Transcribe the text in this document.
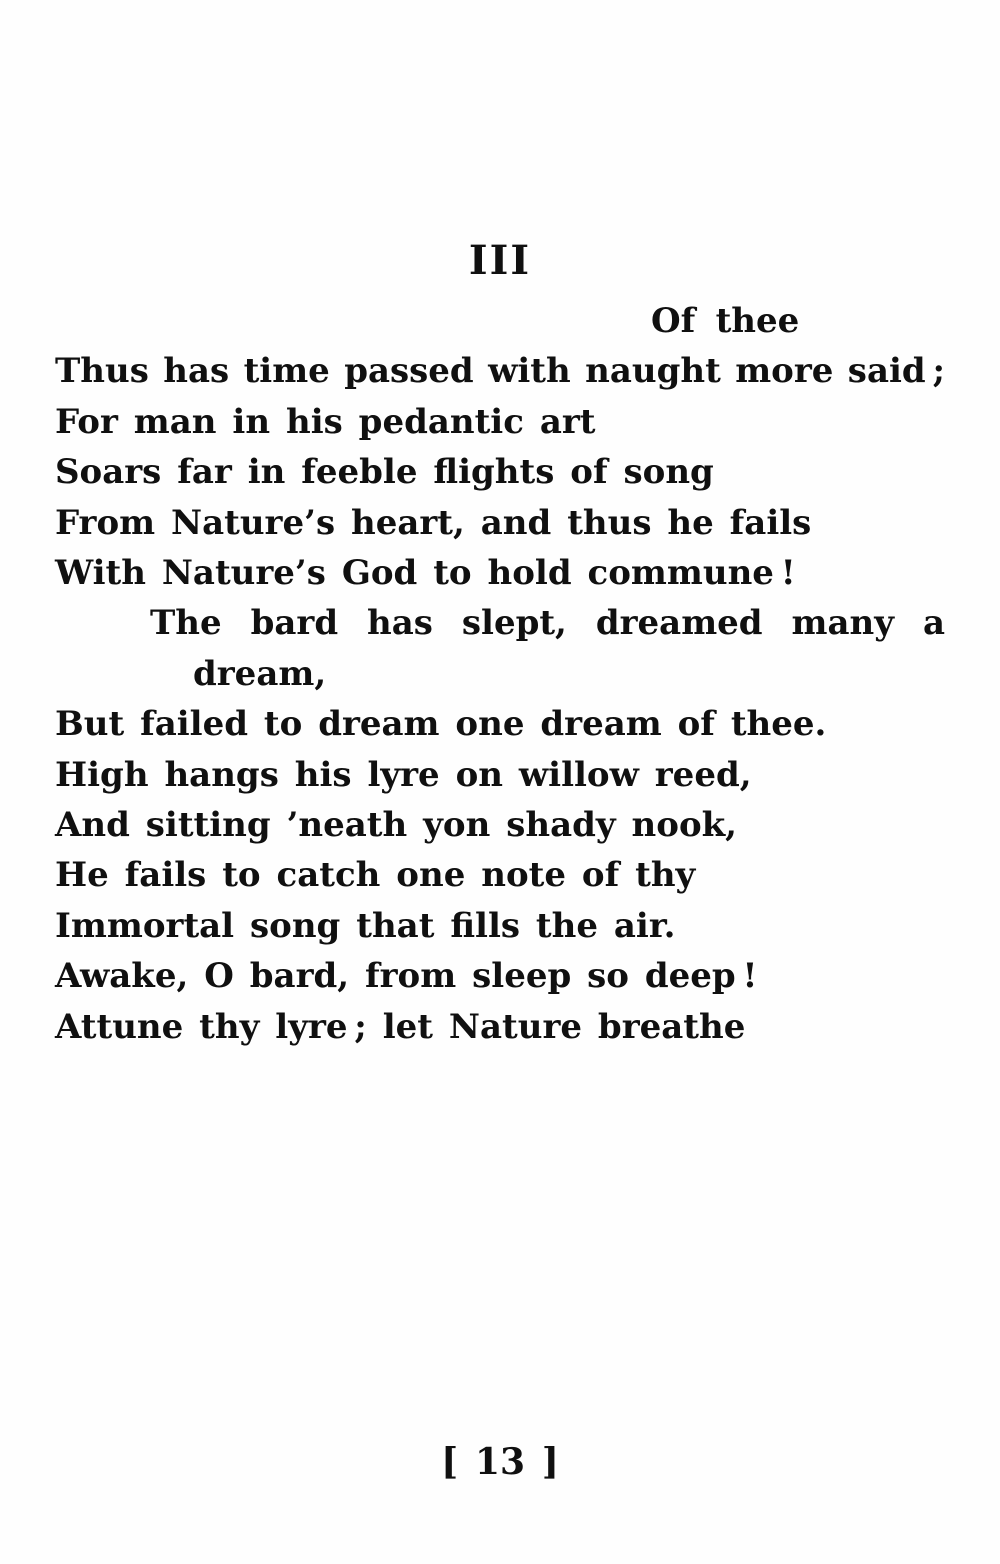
III
Of thee
Thus has time passed with naught more said ;
For man in his pedantic art
Soars far in feeble flights of song
From Nature’s heart, and thus he fails
With Nature’s God to hold commune !
The bard has slept, dreamed many a
dream,
But failed to dream one dream of thee.
High hangs his lyre on willow reed,
And sitting ’neath yon shady nook,
He fails to catch one note of thy
Immortal song that fills the air.
Awake, O bard, from sleep so deep !
Attune thy lyre ; let Nature breathe
[ 13 ]
